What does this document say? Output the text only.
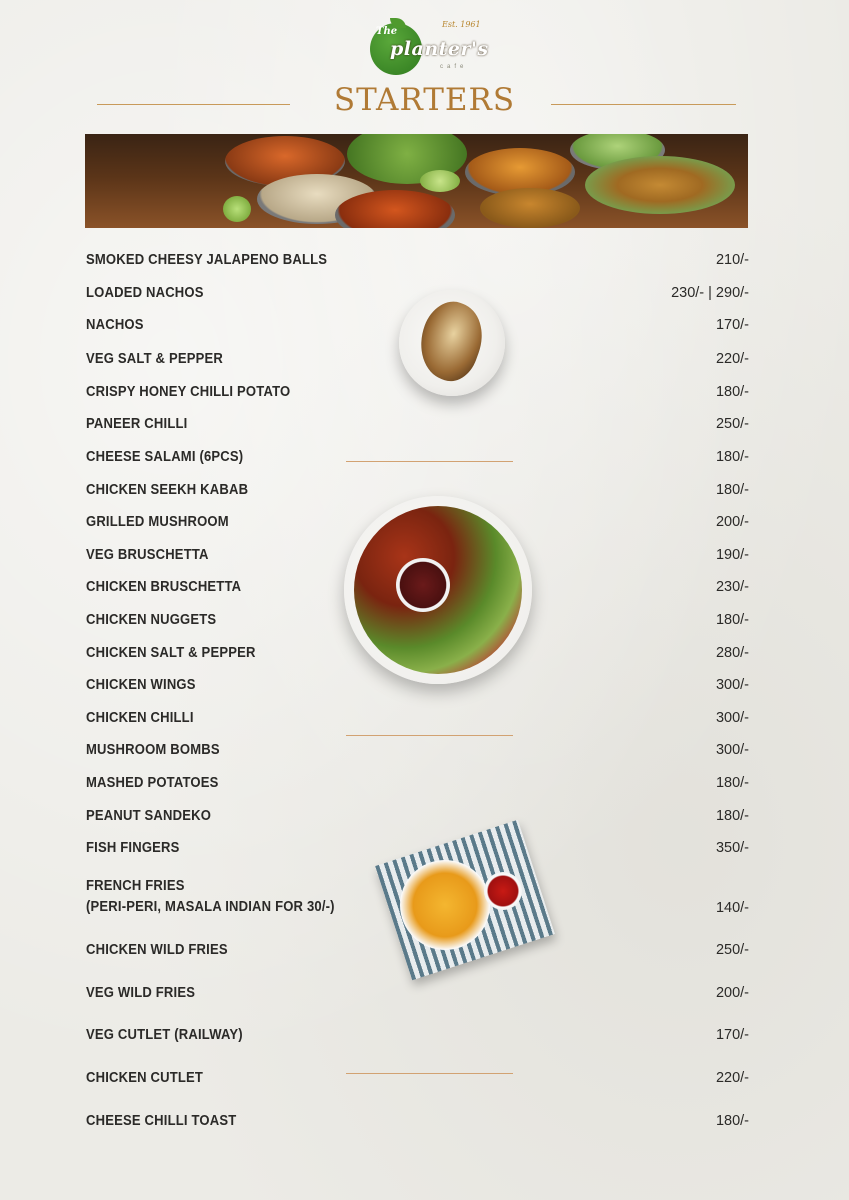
The
planter's
Est. 1961
cafe
STARTERS
SMOKED CHEESY JALAPENO BALLS	210/-
LOADED NACHOS	230/- | 290/-
NACHOS	170/-
VEG SALT & PEPPER	220/-
CRISPY HONEY CHILLI POTATO	180/-
PANEER CHILLI	250/-
CHEESE SALAMI (6PCS)	180/-
CHICKEN SEEKH KABAB	180/-
GRILLED MUSHROOM	200/-
VEG BRUSCHETTA	190/-
CHICKEN BRUSCHETTA	230/-
CHICKEN NUGGETS	180/-
CHICKEN SALT & PEPPER	280/-
CHICKEN WINGS	300/-
CHICKEN CHILLI	300/-
MUSHROOM BOMBS	300/-
MASHED POTATOES	180/-
PEANUT SANDEKO	180/-
FISH FINGERS	350/-
FRENCH FRIES
(PERI-PERI, MASALA INDIAN FOR 30/-)	140/-
CHICKEN WILD FRIES	250/-
VEG WILD FRIES	200/-
VEG CUTLET (RAILWAY)	170/-
CHICKEN CUTLET	220/-
CHEESE CHILLI TOAST	180/-
